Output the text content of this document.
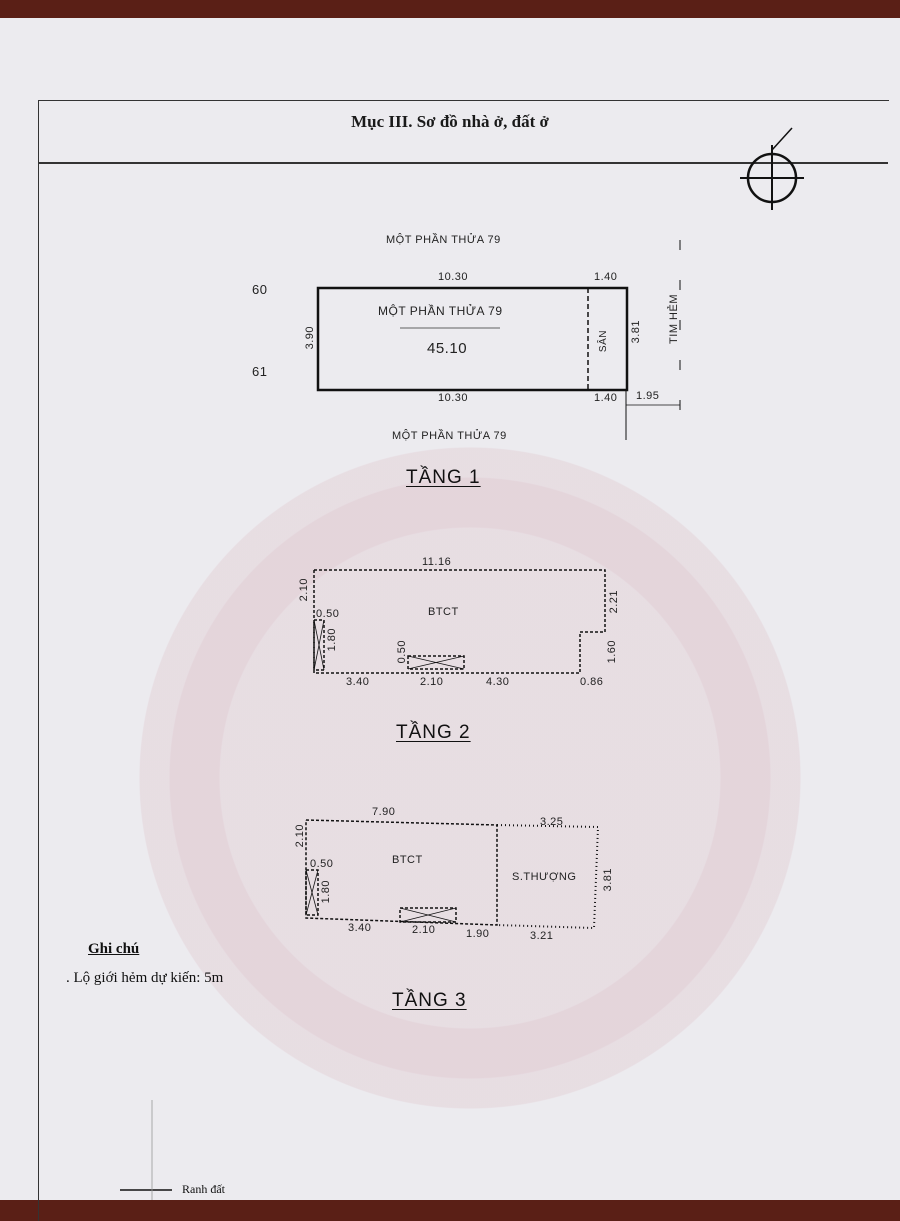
Mục III. Sơ đồ nhà ở, đất ở
MỘT PHẦN THỬA 79
60
61
10.30	1.40
MỘT PHẦN THỬA 79
45.10
3.90	SÂN 3.81 TIM HẺM
10.30	1.40 1.95
MỘT PHẦN THỬA 79
TẦNG 1
11.16
2.10
0.50
1.80
BTCT
0.50
2.21
1.60
3.40	2.10	4.30	0.86
TẦNG 2
7.90
3.25
2.10
0.50
1.80
BTCT
S.THƯỢNG 3.81
3.40	2.10	1.90	3.21
TẦNG 3
Ghi chú
. Lộ giới hẻm dự kiến: 5m
Ranh đất
